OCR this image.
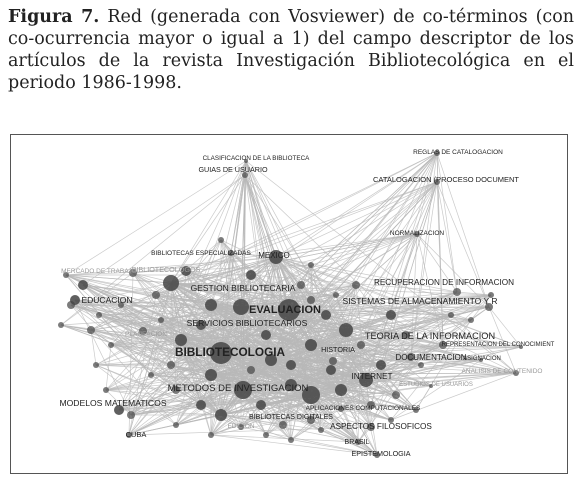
Figura 7. Red (generada con Vosviewer) de co-términos (con co-ocurrencia mayor o igual a 1) del campo descriptor de los artículos de la revista Investigación Bibliotecológica en el periodo 1986-1998.
CLASIFICACION DE LA BIBLIOTECA
GUIAS DE USUARIO
REGLAS DE CATALOGACION
CATALOGACION (PROCESO DOCUMENT
NORMALIZACION
BIBLIOTECAS ESPECIALIZADAS MEXICO
MERCADO DE TRABAJO
BIBLIOTECOLOGOS
RECUPERACION DE INFORMACION
GESTION BIBLIOTECARIA
EDUCACION	SISTEMAS DE ALMACENAMIENTO Y R
EVALUACION
SERVICIOS BIBLIOTECARIOS
PLANEACION	TEORIA DE LA INFORMACION
REPRESENTACION DEL CONOCIMIENT
BIBLIOTECOLOGIA	HISTORIA
DOCUMENTACION
ASIGNACION
METODOS DE INVESTIGACION
ANALISIS DE CONTENIDO
INTERNET
ESTUDIOS DE USUARIOS
MODELOS MATEMATICOS
APLICACIONES COMPUTACIONALES
BIBLIOTECAS DIGITALES
ASPECTOS FILOSOFICOS
EDICION
CUBA
BRASIL
EPISTEMOLOGIA
